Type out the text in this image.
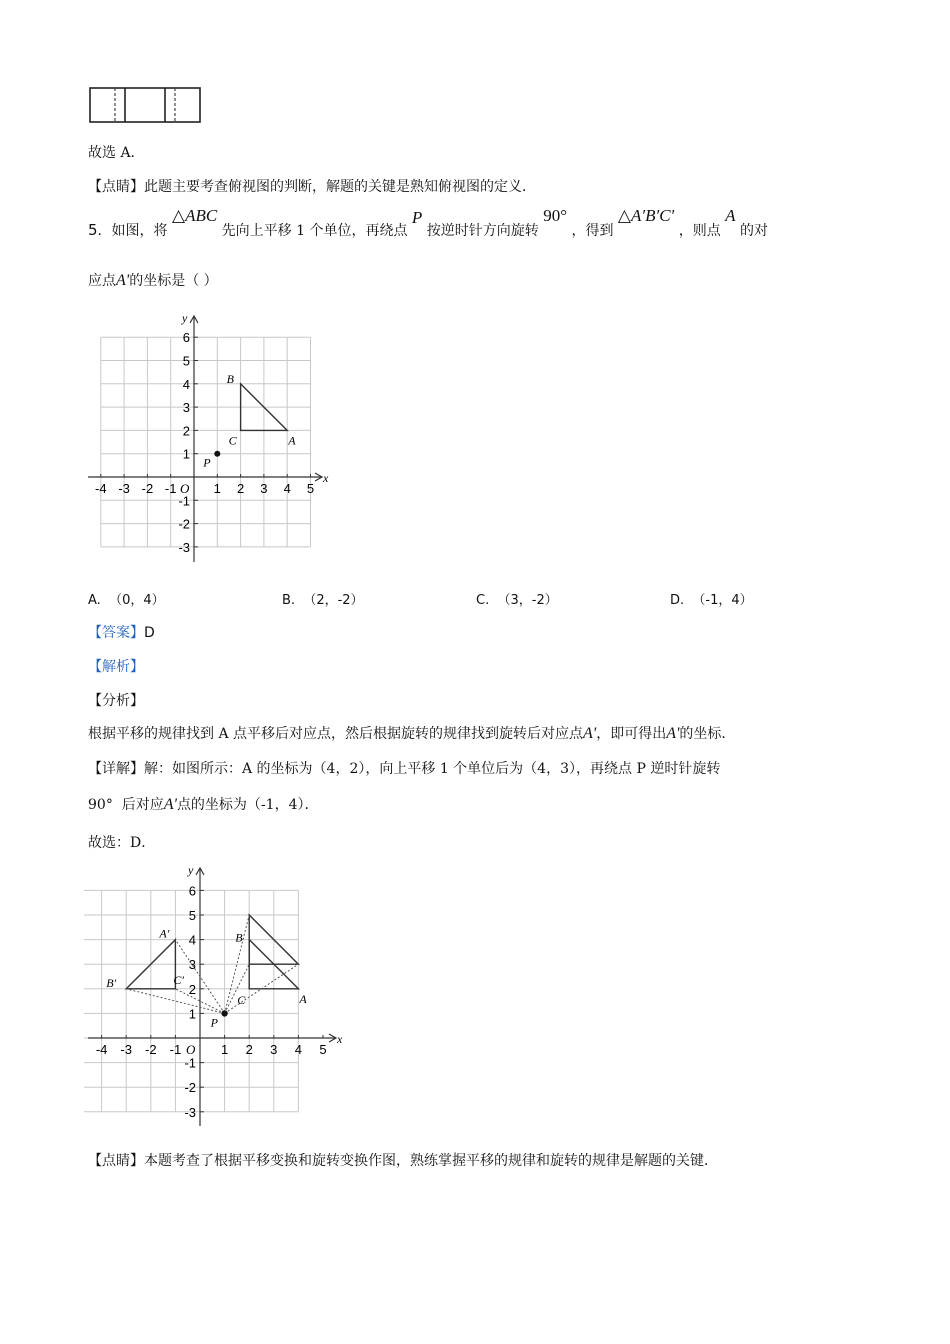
故选 A．
【点睛】此题主要考查俯视图的判断，解题的关键是熟知俯视图的定义．
5．如图，将 △ABC 先向上平移 1 个单位，再绕点 P 按逆时针方向旋转 90° ，得到 △A′B′C′ ，则点 A 的对
应点A'的坐标是（ ）
x
y
O
-4 -3 -2 -1	1 2 3 4 5
6
5
4
3
2
1
-1
-2
-3
A
B
C
P
A. （0，4）	B. （2，-2）	C. （3，-2）	D. （-1，4）
【答案】D
【解析】
【分析】
根据平移的规律找到 A 点平移后对应点，然后根据旋转的规律找到旋转后对应点A'，即可得出A'的坐标．
【详解】解：如图所示：A 的坐标为（4，2），向上平移 1 个单位后为（4，3），再绕点 P 逆时针旋转
90° 后对应A'点的坐标为（-1，4）．
故选：D．
x
y
O
-4 -3 -2 -1	1 2 3 4 5
6
5
4
3
2
1
-1
-2
-3
A
B
C
P
A′
B′	C′
【点睛】本题考查了根据平移变换和旋转变换作图，熟练掌握平移的规律和旋转的规律是解题的关键．
